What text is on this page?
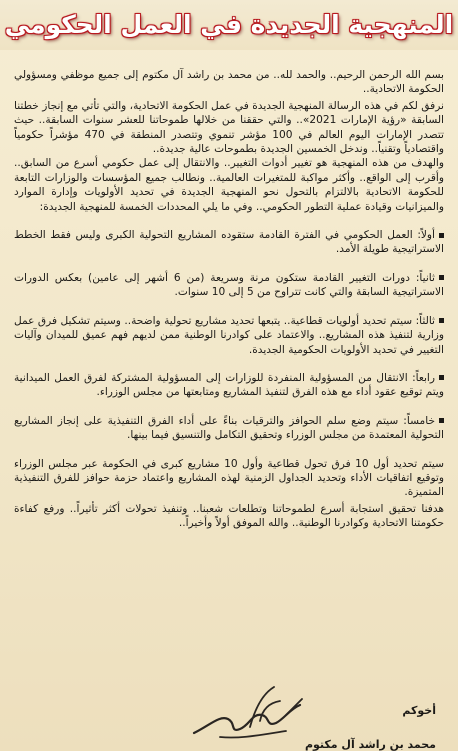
المنهجية الجديدة في العمل الحكومي

بسم الله الرحمن الرحيم.. والحمد لله.. من محمد بن راشد آل مكتوم إلى جميع موظفي ومسؤولي الحكومة الاتحادية..

نرفق لكم في هذه الرسالة المنهجية الجديدة في عمل الحكومة الاتحادية، والتي تأتي مع إنجاز خطتنا السابقة «رؤية الإمارات 2021».. والتي حققنا من خلالها طموحاتنا للعشر سنوات السابقة.. حيث تتصدر الإمارات اليوم العالم في 100 مؤشر تنموي وتتصدر المنطقة في 470 مؤشراً حكومياً واقتصادياً وتقنياً.. وندخل الخمسين الجديدة بطموحات عالية جديدة..

والهدف من هذه المنهجية هو تغيير أدوات التغيير.. والانتقال إلى عمل حكومي أسرع من السابق.. وأقرب إلى الواقع.. وأكثر مواكبة للمتغيرات العالمية.. ونطالب جميع المؤسسات والوزارات التابعة للحكومة الاتحادية بالالتزام بالتحول نحو المنهجية الجديدة في تحديد الأولويات وإدارة الموارد والميزانيات وقيادة عملية التطور الحكومي.. وفي ما يلي المحددات الخمسة للمنهجية الجديدة:

أولاً: العمل الحكومي في الفترة القادمة ستقوده المشاريع التحولية الكبرى وليس فقط الخطط الاستراتيجية طويلة الأمد.

ثانياً: دورات التغيير القادمة ستكون مرنة وسريعة (من 6 أشهر إلى عامين) بعكس الدورات الاستراتيجية السابقة والتي كانت تتراوح من 5 إلى 10 سنوات.

ثالثاً: سيتم تحديد أولويات قطاعية.. يتبعها تحديد مشاريع تحولية واضحة.. وسيتم تشكيل فرق عمل وزارية لتنفيذ هذه المشاريع.. والاعتماد على كوادرنا الوطنية ممن لديهم فهم عميق للميدان وآليات التغيير في تحديد الأولويات الحكومية الجديدة.

رابعاً: الانتقال من المسؤولية المنفردة للوزارات إلى المسؤولية المشتركة لفرق العمل الميدانية ويتم توقيع عقود أداء مع هذه الفرق لتنفيذ المشاريع ومتابعتها من مجلس الوزراء.

خامساً: سيتم وضع سلم الحوافز والترقيات بناءً على أداء الفرق التنفيذية على إنجاز المشاريع التحولية المعتمدة من مجلس الوزراء وتحقيق التكامل والتنسيق فيما بينها.

سيتم تحديد أول 10 فرق تحول قطاعية وأول 10 مشاريع كبرى في الحكومة عبر مجلس الوزراء وتوقيع اتفاقيات الأداء وتحديد الجداول الزمنية لهذه المشاريع واعتماد حزمة حوافز للفرق التنفيذية المتميزة.

هدفنا تحقيق استجابة أسرع لطموحاتنا وتطلعات شعبنا.. وتنفيذ تحولات أكثر تأثيراً.. ورفع كفاءة حكومتنا الاتحادية وكوادرنا الوطنية.. والله الموفق أولاً وأخيراً..

أخوكم
محمد بن راشد آل مكتوم
